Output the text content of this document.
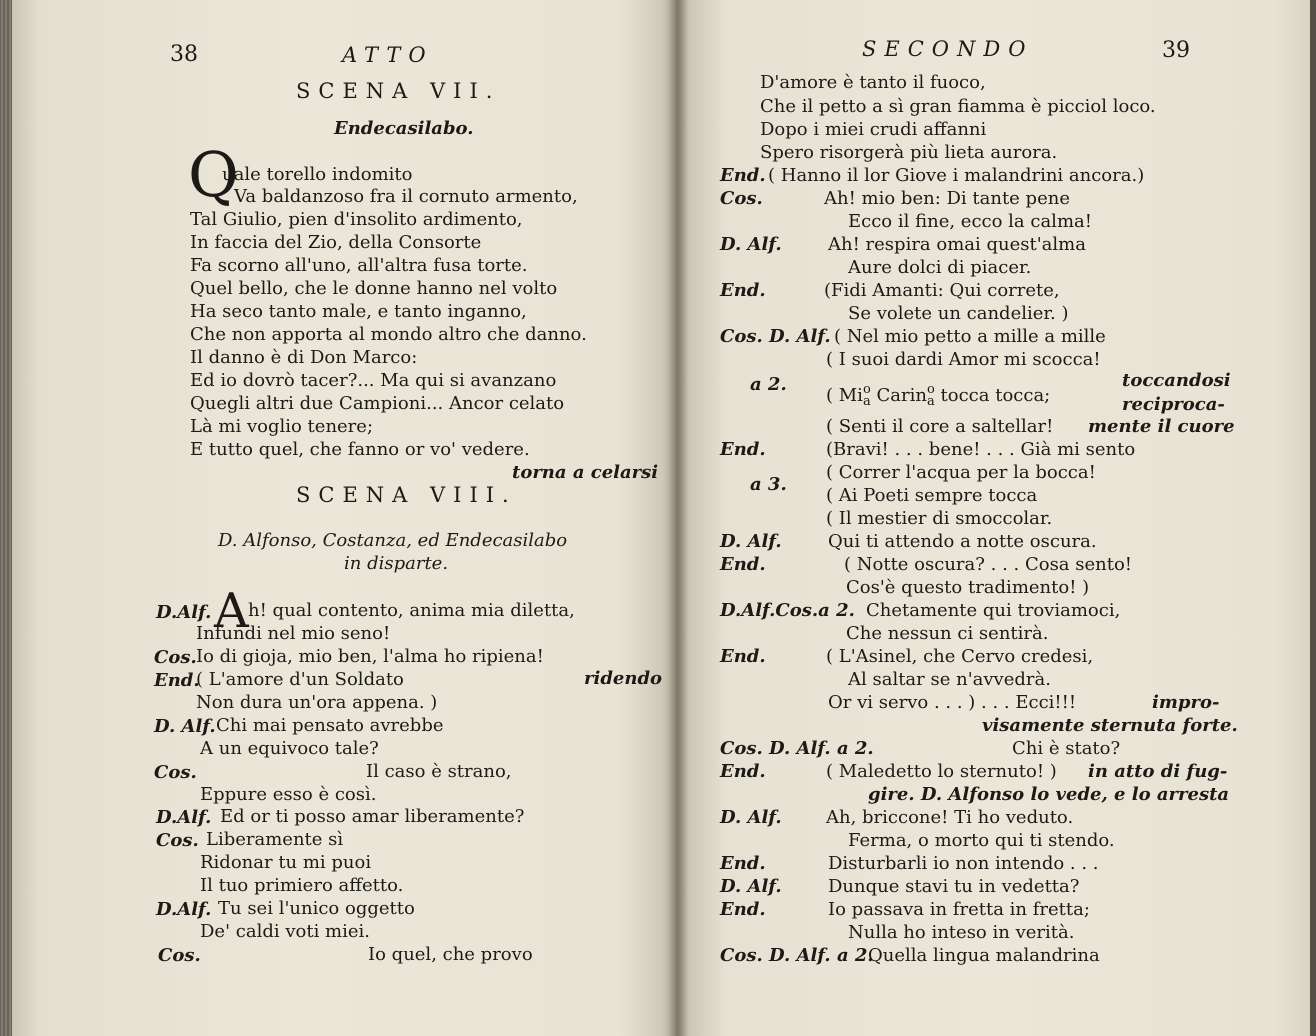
38	ATTO
SCENA VII.
Endecasilabo.
Q
uale torello indomito
Va baldanzoso fra il cornuto armento,
Tal Giulio, pien d'insolito ardimento,
In faccia del Zio, della Consorte
Fa scorno all'uno, all'altra fusa torte.
Quel bello, che le donne hanno nel volto
Ha seco tanto male, e tanto inganno,
Che non apporta al mondo altro che danno.
Il danno è di Don Marco:
Ed io dovrò tacer?... Ma qui si avanzano
Quegli altri due Campioni... Ancor celato
Là mi voglio tenere;
E tutto quel, che fanno or vo' vedere.
torna a celarsi
SCENA VIII.
D. Alfonso, Costanza, ed Endecasilabo
in disparte.
D.Alf. A h! qual contento, anima mia diletta,
Infundi nel mio seno!
Cos. Io di gioja, mio ben, l'alma ho ripiena!
End.
( L'amore d'un Soldato	ridendo
Non dura un'ora appena. )
D. Alf. Chi mai pensato avrebbe
A un equivoco tale?
Cos.	Il caso è strano,
Eppure esso è così.
D.Alf. Ed or ti posso amar liberamente?
Cos. Liberamente sì
Ridonar tu mi puoi
Il tuo primiero affetto.
D.Alf. Tu sei l'unico oggetto
De' caldi voti miei.
Cos.	Io quel, che provo
SECONDO	39
D'amore è tanto il fuoco,
Che il petto a sì gran fiamma è picciol loco.
Dopo i miei crudi affanni
Spero risorgerà più lieta aurora.
End. ( Hanno il lor Giove i malandrini ancora.)
Cos.	Ah! mio ben: Di tante pene
Ecco il fine, ecco la calma!
D. Alf.	Ah! respira omai quest'alma
Aure dolci di piacer.
End.	(Fidi Amanti: Qui correte,
Se volete un candelier. )
Cos. D. Alf. ( Nel mio petto a mille a mille
( I suoi dardi Amor mi scocca!
a 2.
( Mi o
a Carin o
a tocca tocca;
toccandosi
reciproca-
( Senti il core a saltellar! mente il cuore
End.	(Bravi! . . . bene! . . . Già mi sento
a 3.
( Correr l'acqua per la bocca!
( Ai Poeti sempre tocca
( Il mestier di smoccolar.
D. Alf.	Qui ti attendo a notte oscura.
End.	( Notte oscura? . . . Cosa sento!
Cos'è questo tradimento! )
D.Alf.Cos.a 2. Chetamente qui troviamoci,
Che nessun ci sentirà.
End.	( L'Asinel, che Cervo credesi,
Al saltar se n'avvedrà.
Or vi servo . . . ) . . . Ecci!!!	impro-
visamente sternuta forte.
Cos. D. Alf. a 2.	Chi è stato?
End.	( Maledetto lo sternuto! ) in atto di fug-
gire. D. Alfonso lo vede, e lo arresta
D. Alf. Ah, briccone! Ti ho veduto.
Ferma, o morto qui ti stendo.
End.	Disturbarli io non intendo . . .
D. Alf.	Dunque stavi tu in vedetta?
End.	Io passava in fretta in fretta;
Nulla ho inteso in verità.
Cos. D. Alf. a 2.
Quella lingua malandrina
